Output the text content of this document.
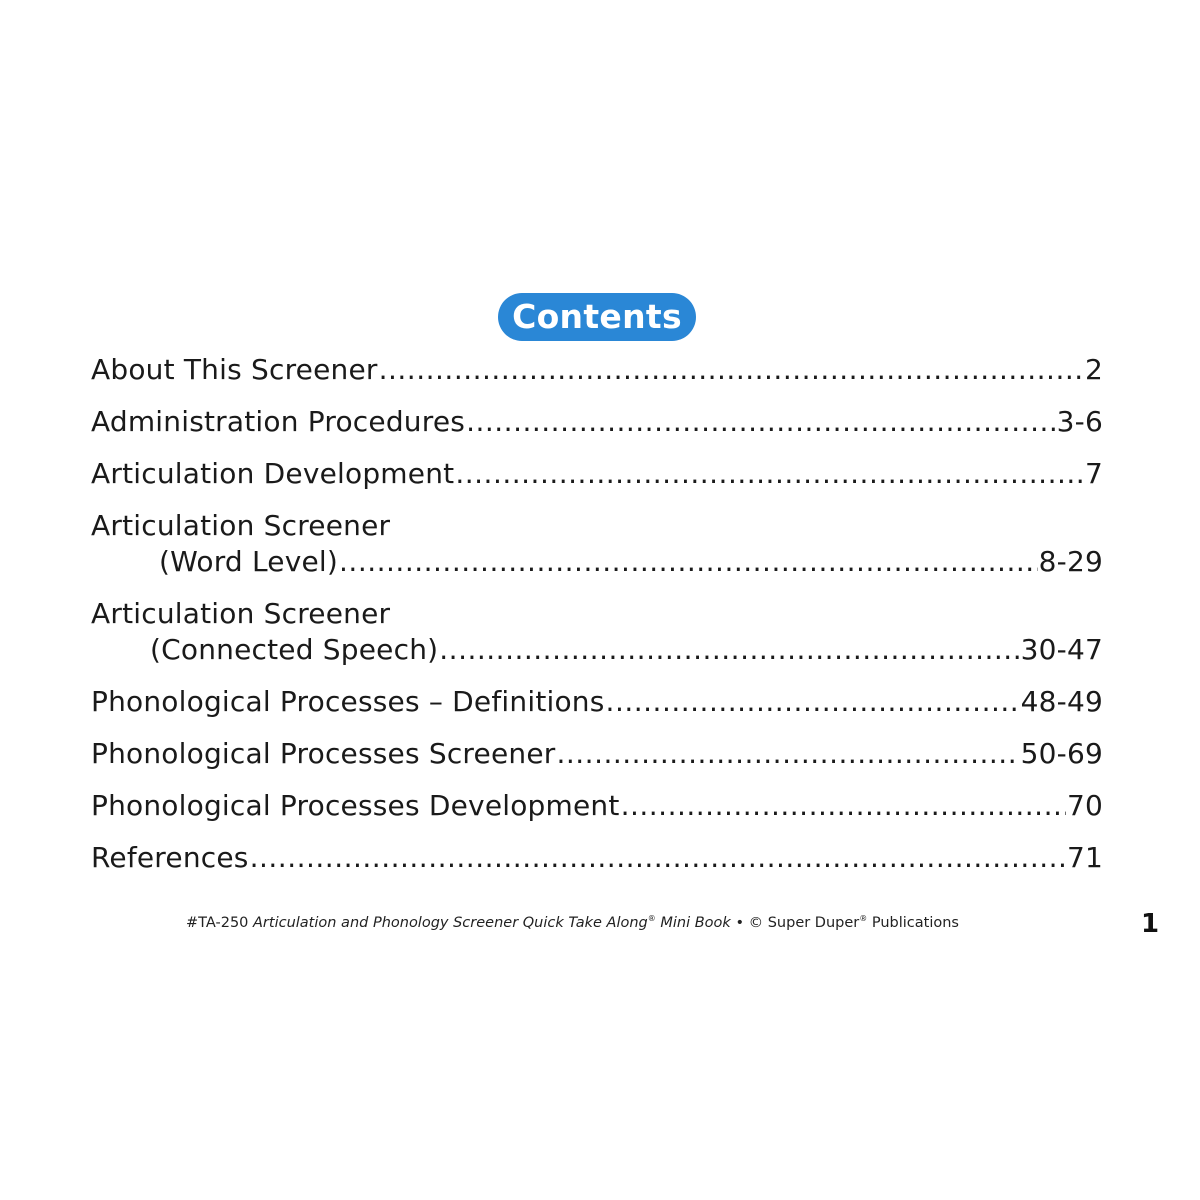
Contents
About This Screener .....	2
Administration Procedures .....	3-6
Articulation Development .....	7
Articulation Screener
(Word Level) .....	8-29
Articulation Screener
(Connected Speech) .....	30-47
Phonological Processes – Definitions .....	48-49
Phonological Processes Screener .....	50-69
Phonological Processes Development .....	70
References .....	71
#TA-250 Articulation and Phonology Screener Quick Take Along® Mini Book • © Super Duper® Publications	1
